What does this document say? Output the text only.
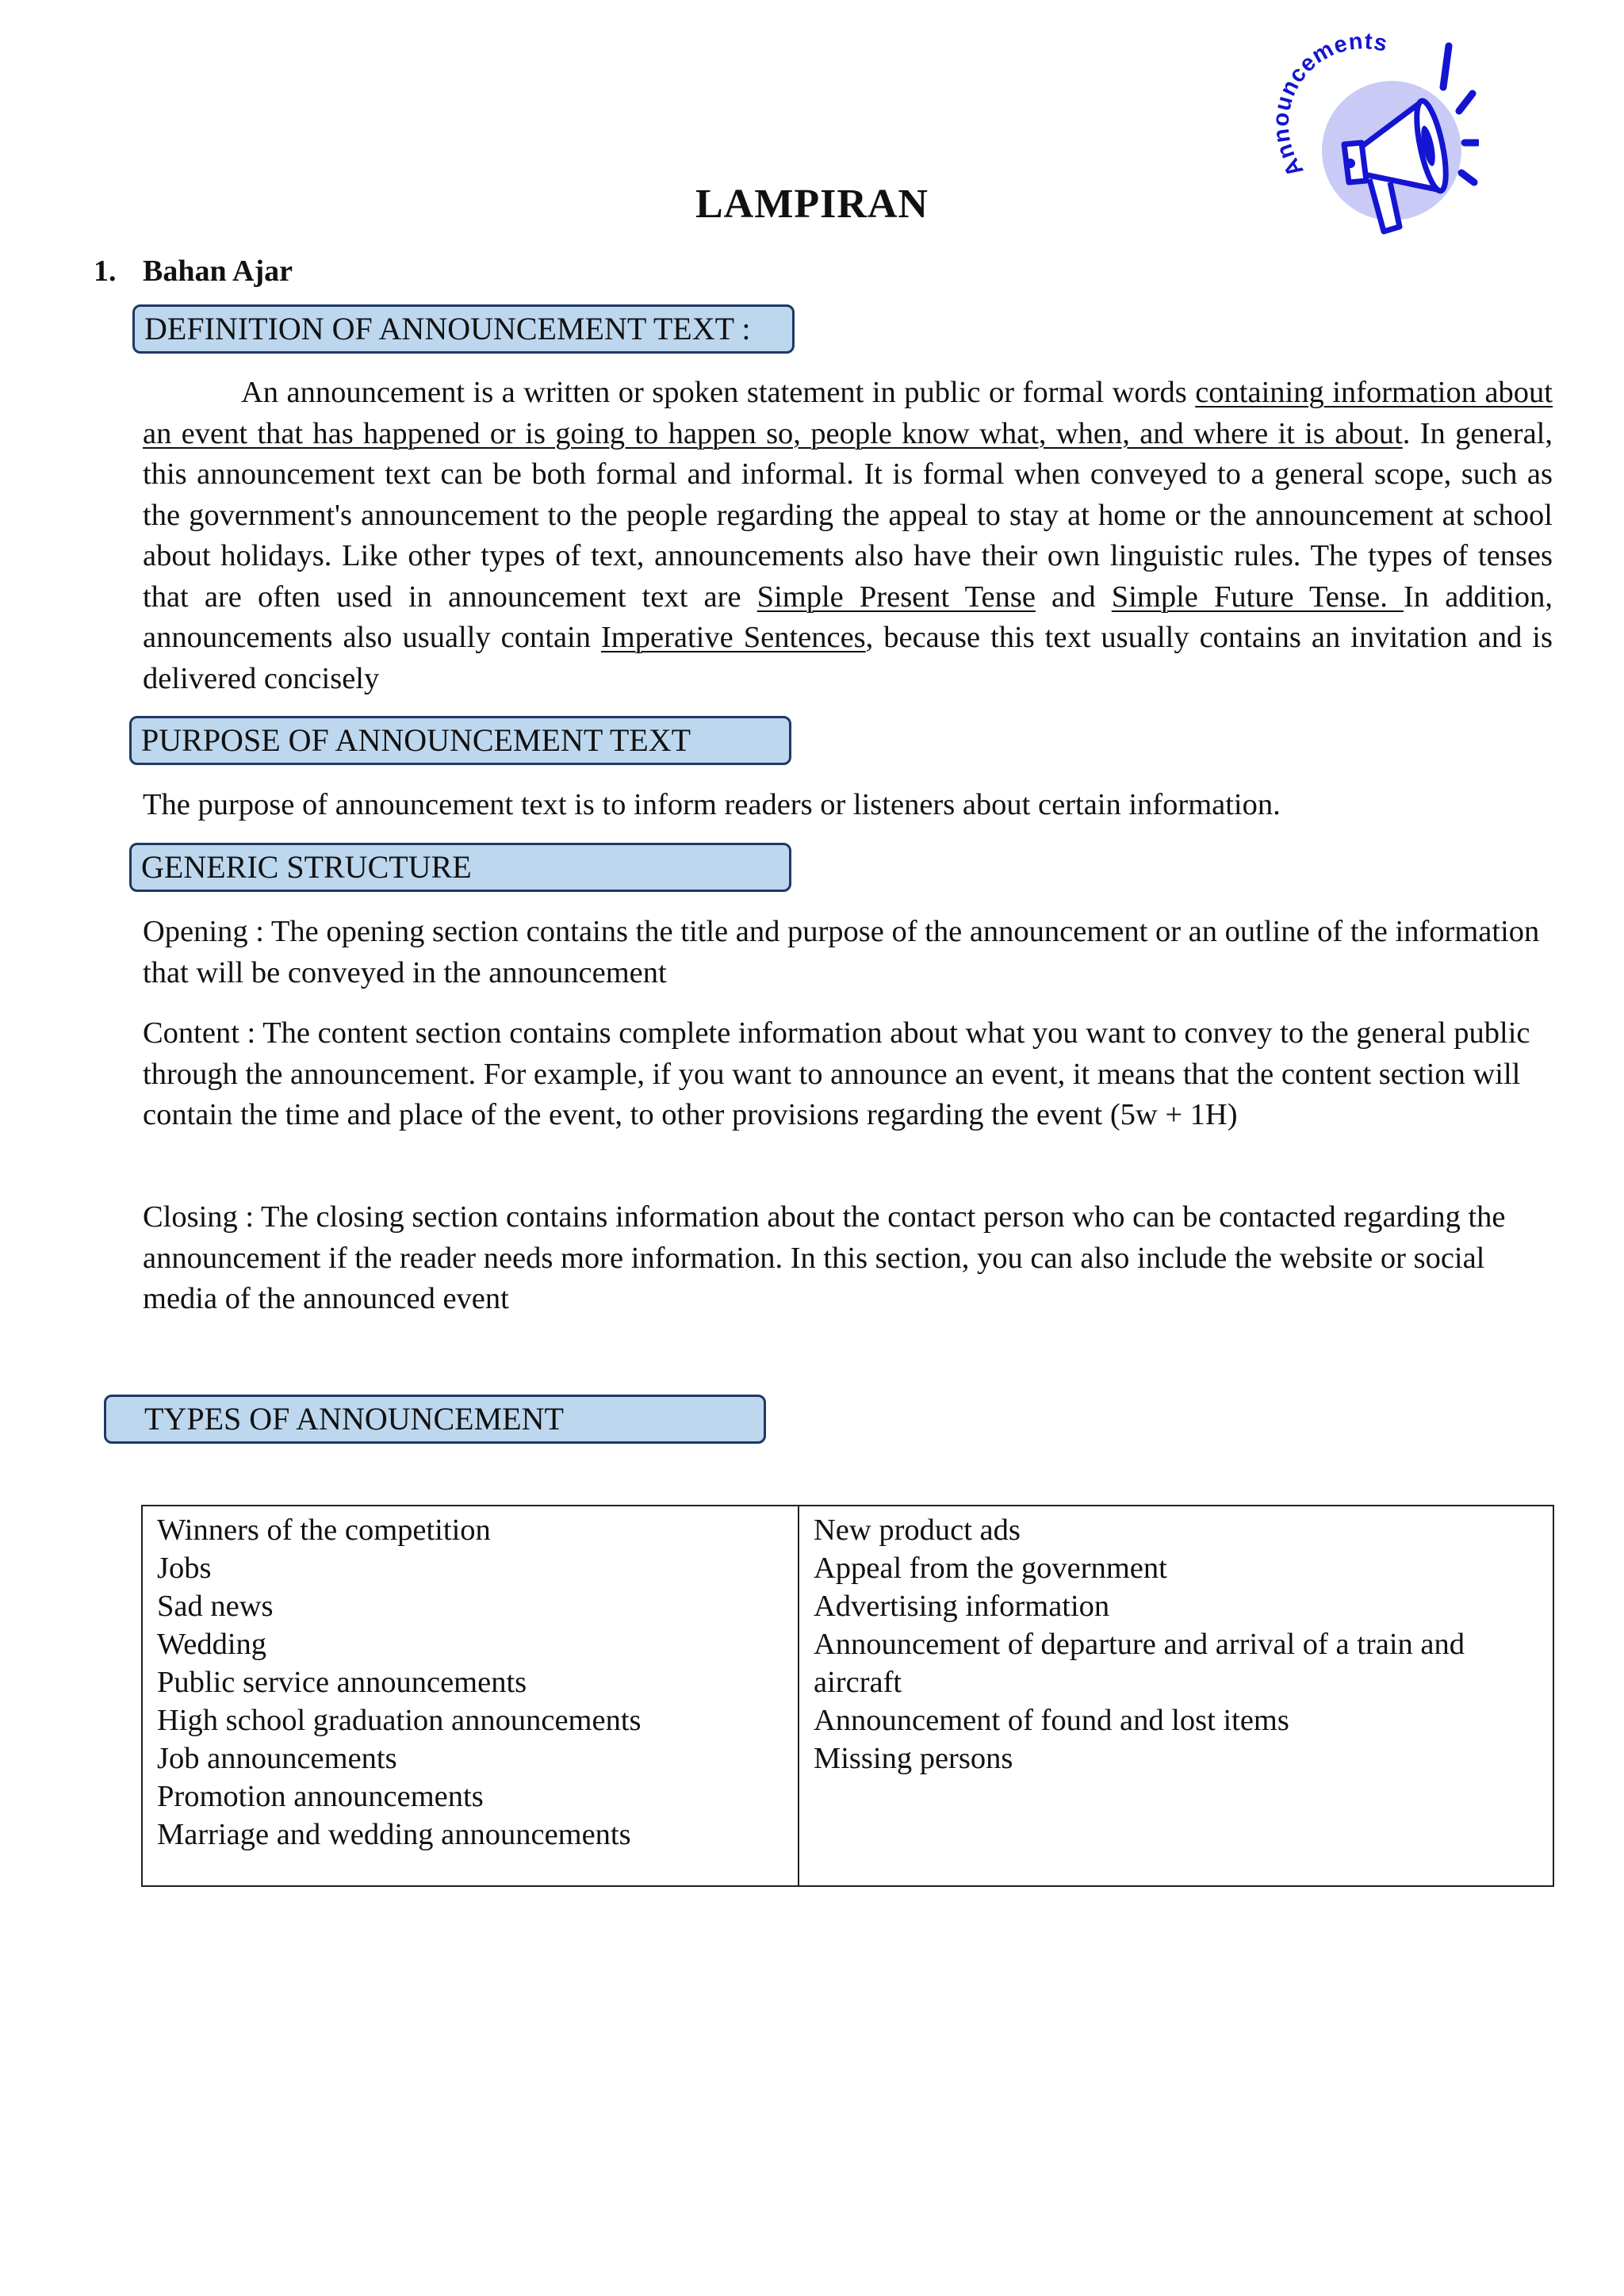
Announcements
LAMPIRAN
1. Bahan Ajar
DEFINITION OF ANNOUNCEMENT TEXT :

An announcement is a written or spoken statement in public or formal words containing information about an event that has happened or is going to happen so, people know what, when, and where it is about. In general, this announcement text can be both formal and informal. It is formal when conveyed to a general scope, such as the government's announcement to the people regarding the appeal to stay at home or the announcement at school about holidays. Like other types of text, announcements also have their own linguistic rules. The types of tenses that are often used in announcement text are Simple Present Tense and Simple Future Tense. In addition, announcements also usually contain Imperative Sentences, because this text usually contains an invitation and is delivered concisely

PURPOSE OF ANNOUNCEMENT TEXT

The purpose of announcement text is to inform readers or listeners about certain information.

GENERIC STRUCTURE

Opening : The opening section contains the title and purpose of the announcement or an outline of the information that will be conveyed in the announcement

Content : The content section contains complete information about what you want to convey to the general public through the announcement. For example, if you want to announce an event, it means that the content section will contain the time and place of the event, to other provisions regarding the event (5w + 1H)

Closing : The closing section contains information about the contact person who can be contacted regarding the announcement if the reader needs more information. In this section, you can also include the website or social media of the announced event

TYPES OF ANNOUNCEMENT
Winners of the competition
Jobs
Sad news
Wedding
Public service announcements
High school graduation announcements
Job announcements
Promotion announcements
Marriage and wedding announcements
New product ads
Appeal from the government
Advertising information
Announcement of departure and arrival of a train and aircraft
Announcement of found and lost items
Missing persons
